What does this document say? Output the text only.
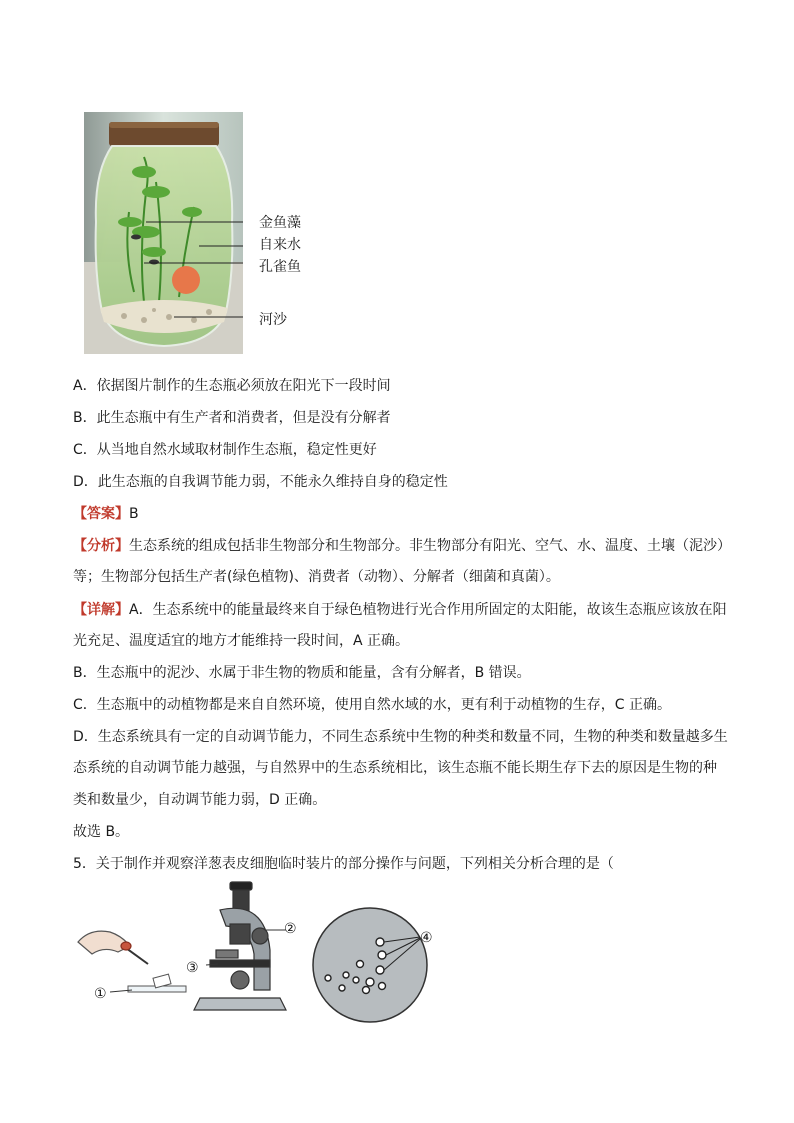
金鱼藻
自来水
孔雀鱼
河沙
A．依据图片制作的生态瓶必须放在阳光下一段时间
B．此生态瓶中有生产者和消费者，但是没有分解者
C．从当地自然水域取材制作生态瓶，稳定性更好
D．此生态瓶的自我调节能力弱，不能永久维持自身的稳定性
【答案】B
【分析】生态系统的组成包括非生物部分和生物部分。非生物部分有阳光、空气、水、温度、土壤（泥沙）
等；生物部分包括生产者(绿色植物)、消费者（动物）、分解者（细菌和真菌）。
【详解】A．生态系统中的能量最终来自于绿色植物进行光合作用所固定的太阳能，故该生态瓶应该放在阳
光充足、温度适宜的地方才能维持一段时间，A 正确。
B．生态瓶中的泥沙、水属于非生物的物质和能量，含有分解者，B 错误。
C．生态瓶中的动植物都是来自自然环境，使用自然水域的水，更有利于动植物的生存，C 正确。
D．生态系统具有一定的自动调节能力，不同生态系统中生物的种类和数量不同，生物的种类和数量越多生
态系统的自动调节能力越强，与自然界中的生态系统相比，该生态瓶不能长期生存下去的原因是生物的种
类和数量少，自动调节能力弱，D 正确。
故选 B。
5．关于制作并观察洋葱表皮细胞临时装片的部分操作与问题，下列相关分析合理的是（
①
②
③
④
